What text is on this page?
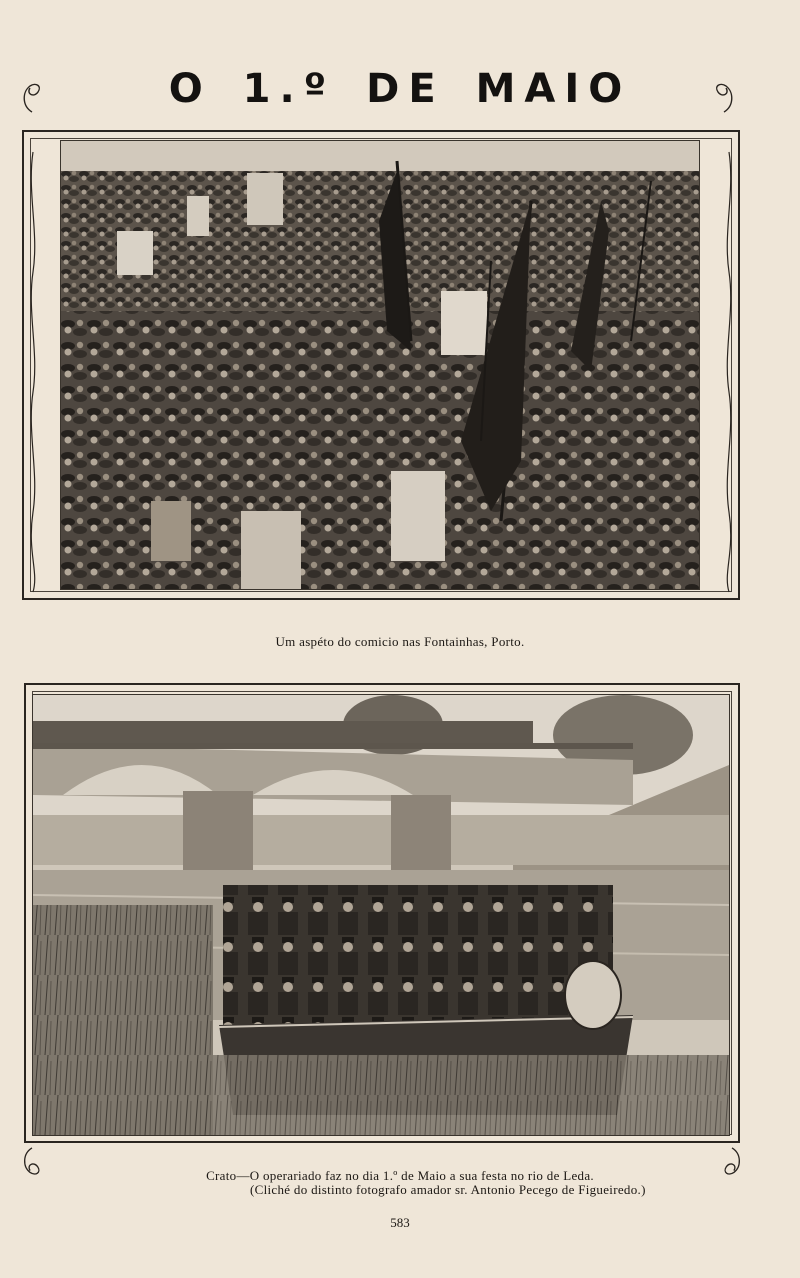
O 1.º DE MAIO
Um aspéto do comicio nas Fontainhas, Porto.
Crato—O operariado faz no dia 1.º de Maio a sua festa no rio de Leda.
(Cliché do distinto fotografo amador sr. Antonio Pecego de Figueiredo.)
583
